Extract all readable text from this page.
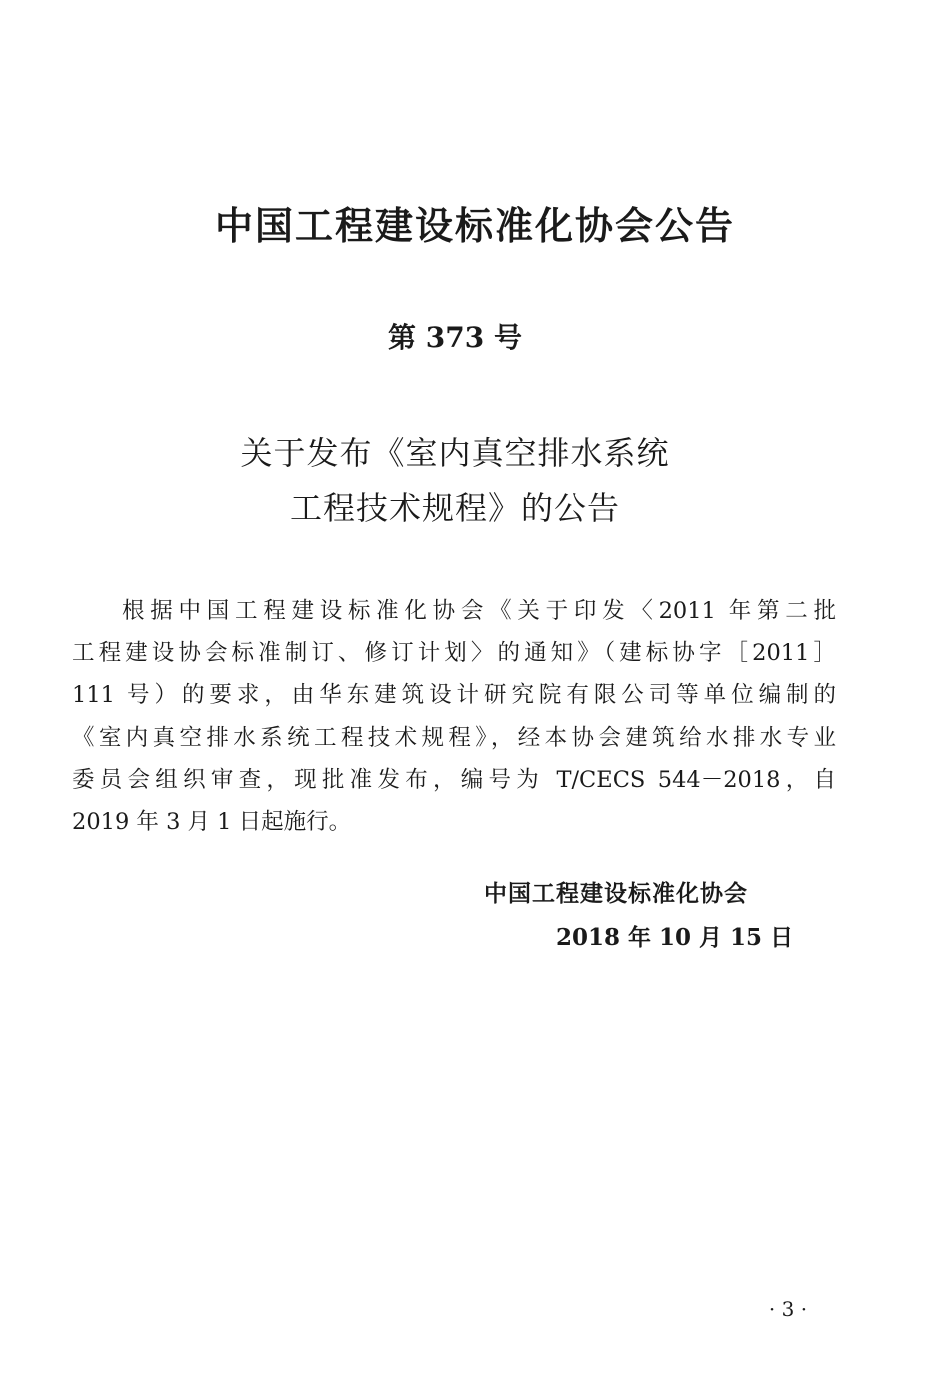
中国工程建设标准化协会公告
第 373 号
关于发布《室内真空排水系统
工程技术规程》的公告
根据中国工程建设标准化协会《关于印发〈2011 年第二批
工程建设协会标准制订、修订计划〉的通知》（建标协字［2011］
111 号）的要求，由华东建筑设计研究院有限公司等单位编制的
《室内真空排水系统工程技术规程》，经本协会建筑给水排水专业
委员会组织审查，现批准发布，编号为 T/CECS 544－2018，自
2019 年 3 月 1 日起施行。
中国工程建设标准化协会
2018 年 10 月 15 日
· 3 ·
